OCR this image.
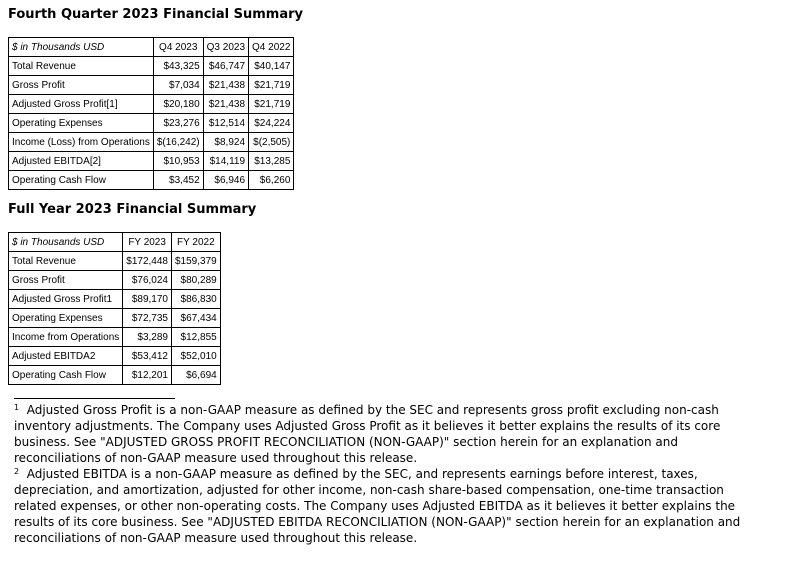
Fourth Quarter 2023 Financial Summary
$ in Thousands USD	Q4 2023	Q3 2023	Q4 2022
Total Revenue	$43,325	$46,747	$40,147
Gross Profit	$7,034	$21,438	$21,719
Adjusted Gross Profit[1]	$20,180	$21,438	$21,719
Operating Expenses	$23,276	$12,514	$24,224
Income (Loss) from Operations	$(16,242)	$8,924	$(2,505)
Adjusted EBITDA[2]	$10,953	$14,119	$13,285
Operating Cash Flow	$3,452	$6,946	$6,260
Full Year 2023 Financial Summary
$ in Thousands USD	FY 2023	FY 2022
Total Revenue	$172,448	$159,379
Gross Profit	$76,024	$80,289
Adjusted Gross Profit1	$89,170	$86,830
Operating Expenses	$72,735	$67,434
Income from Operations	$3,289	$12,855
Adjusted EBITDA2	$53,412	$52,010
Operating Cash Flow	$12,201	$6,694

$^1$ Adjusted Gross Profit is a non-GAAP measure as defined by the SEC and represents gross profit excluding non-cash inventory adjustments. The Company uses Adjusted Gross Profit as it believes it better explains the results of its core business. See "ADJUSTED GROSS PROFIT RECONCILIATION (NON-GAAP)" section herein for an explanation and reconciliations of non-GAAP measure used throughout this release.

$^2$ Adjusted EBITDA is a non-GAAP measure as defined by the SEC, and represents earnings before interest, taxes, depreciation, and amortization, adjusted for other income, non-cash share-based compensation, one-time transaction related expenses, or other non-operating costs. The Company uses Adjusted EBITDA as it believes it better explains the results of its core business. See "ADJUSTED EBITDA RECONCILIATION (NON-GAAP)" section herein for an explanation and reconciliations of non-GAAP measure used throughout this release.
